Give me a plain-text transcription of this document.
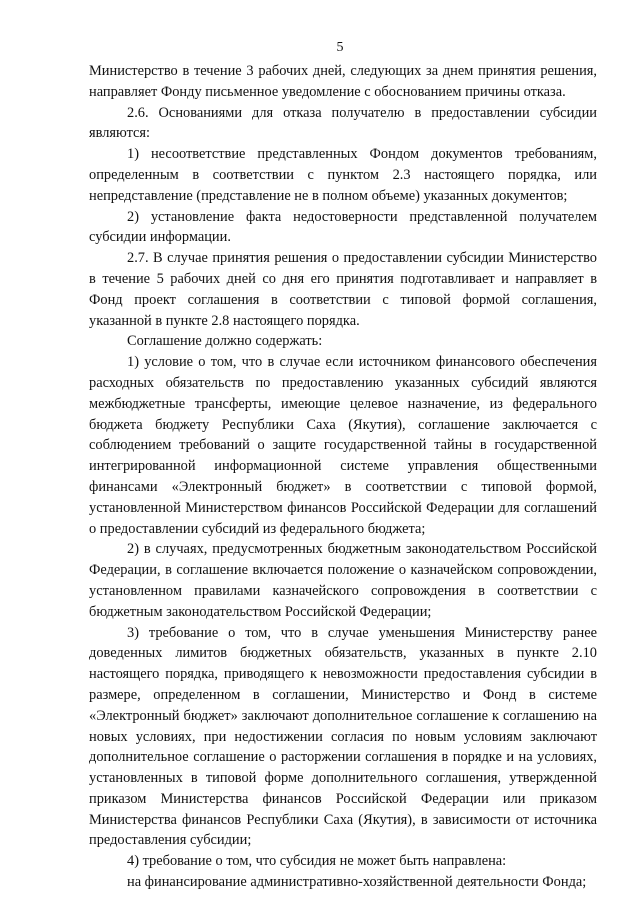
5

Министерство в течение 3 рабочих дней, следующих за днем принятия решения, направляет Фонду письменное уведомление с обоснованием причины отказа.

2.6. Основаниями для отказа получателю в предоставлении субсидии являются:

1) несоответствие представленных Фондом документов требованиям, определенным в соответствии с пунктом 2.3 настоящего порядка, или непредставление (представление не в полном объеме) указанных документов;

2) установление факта недостоверности представленной получателем субсидии информации.

2.7. В случае принятия решения о предоставлении субсидии Министерство в течение 5 рабочих дней со дня его принятия подготавливает и направляет в Фонд проект соглашения в соответствии с типовой формой соглашения, указанной в пункте 2.8 настоящего порядка.

Соглашение должно содержать:

1) условие о том, что в случае если источником финансового обеспечения расходных обязательств по предоставлению указанных субсидий являются межбюджетные трансферты, имеющие целевое назначение, из федерального бюджета бюджету Республики Саха (Якутия), соглашение заключается с соблюдением требований о защите государственной тайны в государственной интегрированной информационной системе управления общественными финансами «Электронный бюджет» в соответствии с типовой формой, установленной Министерством финансов Российской Федерации для соглашений о предоставлении субсидий из федерального бюджета;

2) в случаях, предусмотренных бюджетным законодательством Российской Федерации, в соглашение включается положение о казначейском сопровождении, установленном правилами казначейского сопровождения в соответствии с бюджетным законодательством Российской Федерации;

3) требование о том, что в случае уменьшения Министерству ранее доведенных лимитов бюджетных обязательств, указанных в пункте 2.10 настоящего порядка, приводящего к невозможности предоставления субсидии в размере, определенном в соглашении, Министерство и Фонд в системе «Электронный бюджет» заключают дополнительное соглашение к соглашению на новых условиях, при недостижении согласия по новым условиям заключают дополнительное соглашение о расторжении соглашения в порядке и на условиях, установленных в типовой форме дополнительного соглашения, утвержденной приказом Министерства финансов Российской Федерации или приказом Министерства финансов Республики Саха (Якутия), в зависимости от источника предоставления субсидии;

4) требование о том, что субсидия не может быть направлена:

на финансирование административно-хозяйственной деятельности Фонда;
